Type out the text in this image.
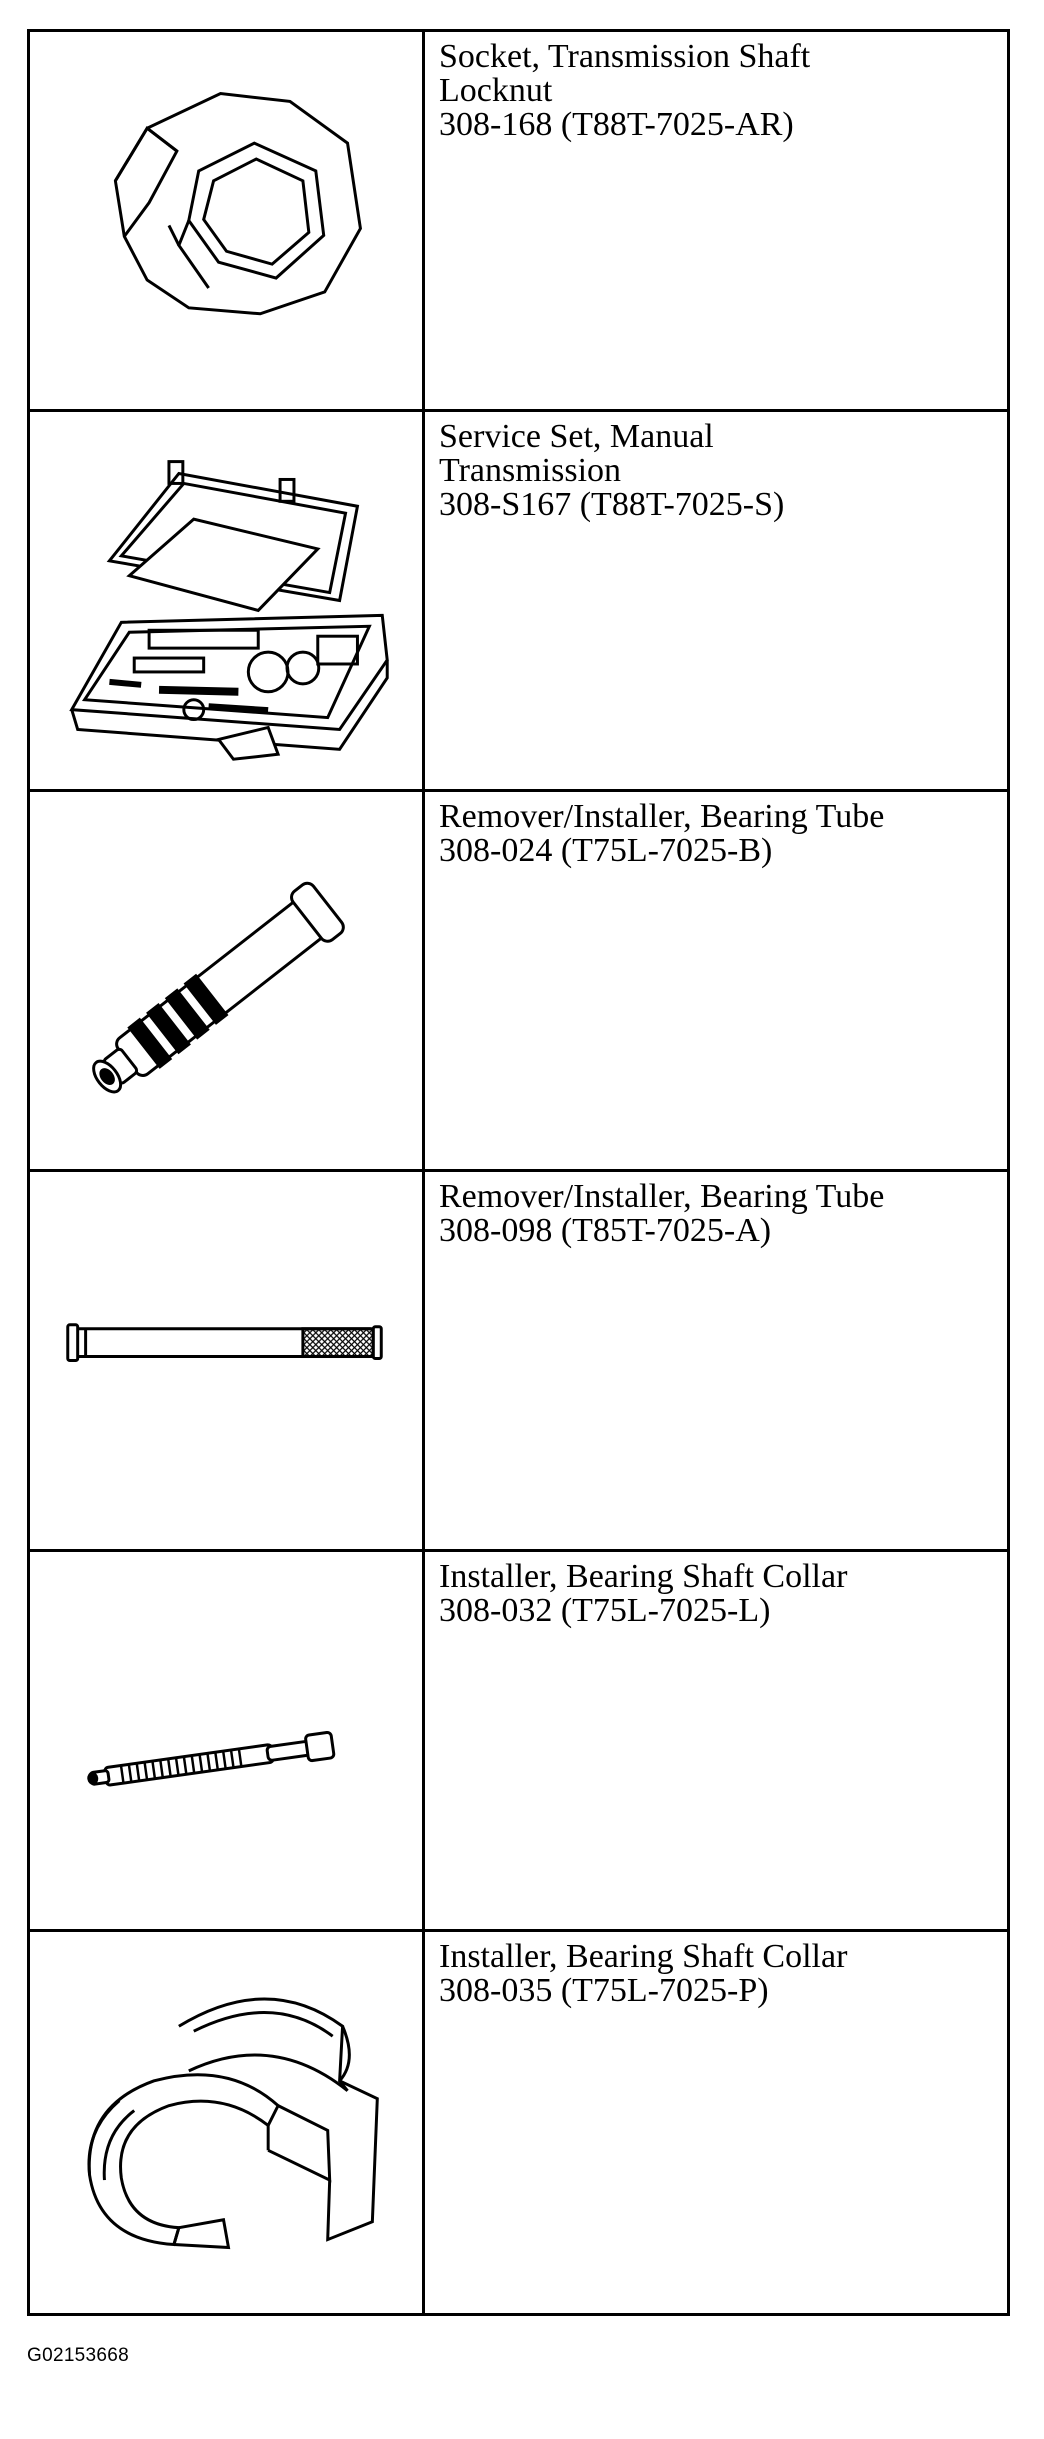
Socket, Transmission Shaft
Locknut
308-168 (T88T-7025-AR)

Service Set, Manual
Transmission
308-S167 (T88T-7025-S)

Remover/Installer, Bearing Tube
308-024 (T75L-7025-B)

Remover/Installer, Bearing Tube
308-098 (T85T-7025-A)

Installer, Bearing Shaft Collar
308-032 (T75L-7025-L)

Installer, Bearing Shaft Collar
308-035 (T75L-7025-P)
G02153668
